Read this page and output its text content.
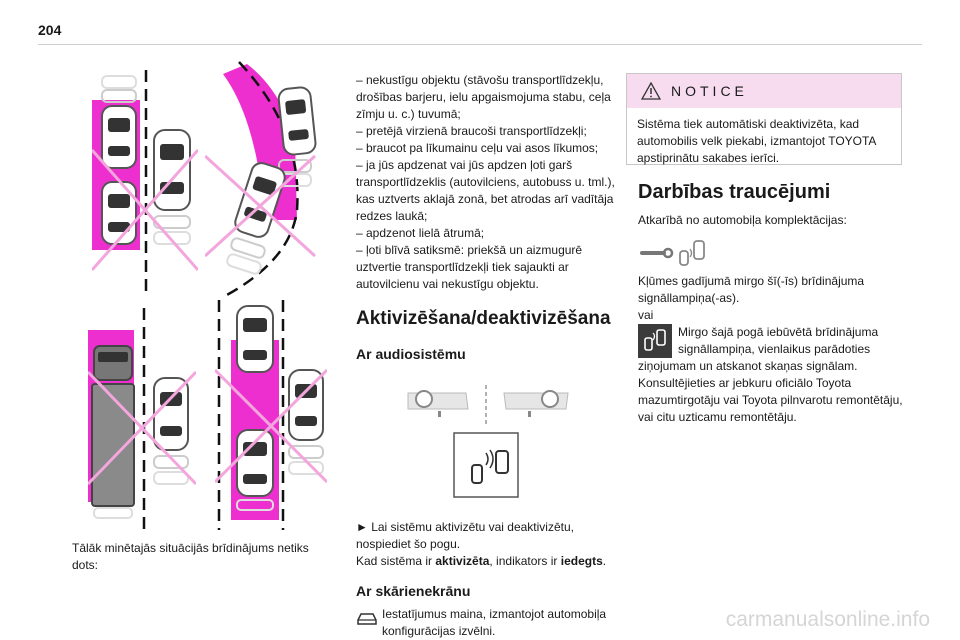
204
Tālāk minētajās situācijās brīdinājums netiks
dots:
– nekustīgu objektu (stāvošu transportlīdzekļu, drošības barjeru, ielu apgaismojuma stabu, ceļa zīmju u. c.) tuvumā;
– pretējā virzienā braucoši transportlīdzekļi;
– braucot pa līkumainu ceļu vai asos līkumos;
– ja jūs apdzenat vai jūs apdzen ļoti garš transportlīdzeklis (autovilciens, autobuss u. tml.), kas uztverts aklajā zonā, bet atrodas arī vadītāja redzes laukā;
– apdzenot lielā ātrumā;
– ļoti blīvā satiksmē: priekšā un aizmugurē uztvertie transportlīdzekļi tiek sajaukti ar autovilcienu vai nekustīgu objektu.
Aktivizēšana/deaktivizēšana
Ar audiosistēmu
► Lai sistēmu aktivizētu vai deaktivizētu,
nospiediet šo pogu.
Kad sistēma ir aktivizēta, indikators ir iedegts.
Ar skārienekrānu
Iestatījumus maina, izmantojot automobiļa
konfigurācijas izvēlni.
NOTICE
Sistēma tiek automātiski deaktivizēta, kad automobilis velk piekabi, izmantojot TOYOTA apstiprinātu sakabes ierīci.
Darbības traucējumi
Atkarībā no automobiļa komplektācijas:
Kļūmes gadījumā mirgo šī(-īs) brīdinājuma signāllampiņa(-as).
vai
Mirgo šajā pogā iebūvētā brīdinājuma
signāllampiņa, vienlaikus parādoties
ziņojumam un atskanot skaņas signālam. Konsultējieties ar jebkuru oficiālo Toyota mazumtirgotāju vai Toyota pilnvarotu remontētāju, vai citu uzticamu remontētāju.
carmanualsonline.info
